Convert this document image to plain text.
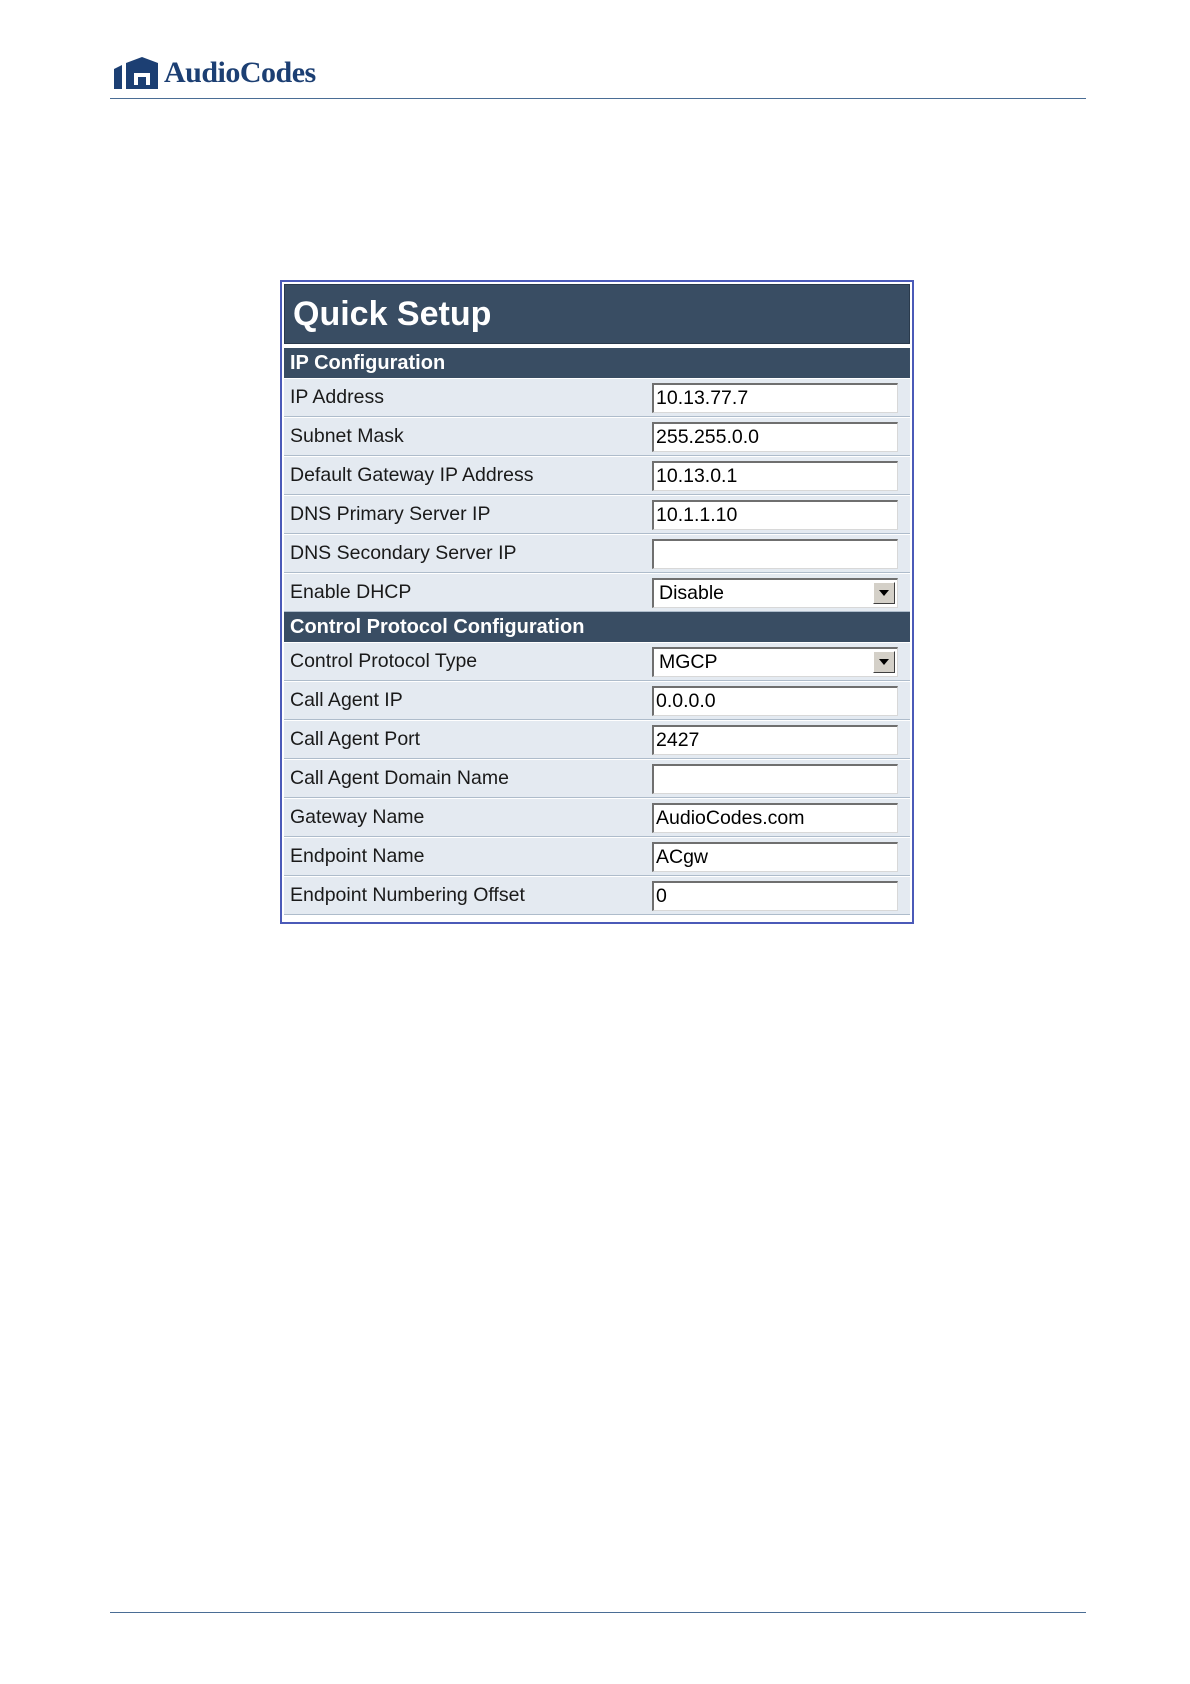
AudioCodes
Quick Setup
IP Configuration
IP Address	10.13.77.7
Subnet Mask	255.255.0.0
Default Gateway IP Address	10.13.0.1
DNS Primary Server IP	10.1.1.10
DNS Secondary Server IP
Enable DHCP	Disable
Control Protocol Configuration
Control Protocol Type	MGCP
Call Agent IP	0.0.0.0
Call Agent Port	2427
Call Agent Domain Name
Gateway Name	AudioCodes.com
Endpoint Name	ACgw
Endpoint Numbering Offset	0
